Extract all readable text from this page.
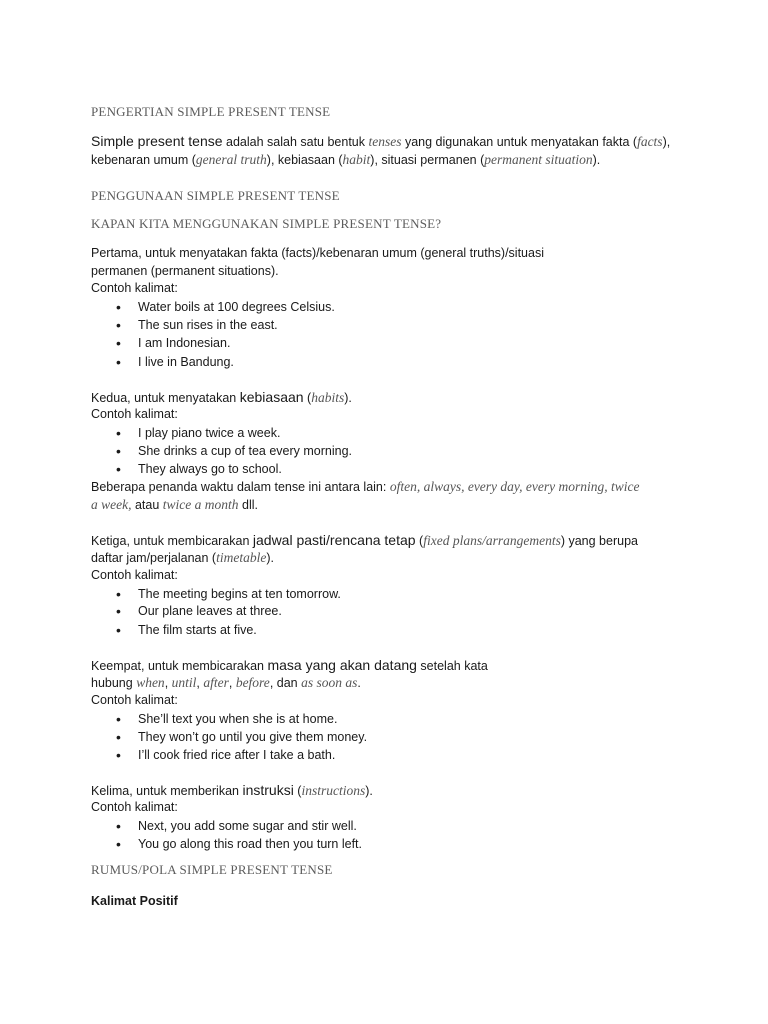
PENGERTIAN SIMPLE PRESENT TENSE
Simple present tense adalah salah satu bentuk tenses yang digunakan untuk menyatakan fakta (facts),
kebenaran umum (general truth), kebiasaan (habit), situasi permanen (permanent situation).
PENGGUNAAN SIMPLE PRESENT TENSE
KAPAN KITA MENGGUNAKAN SIMPLE PRESENT TENSE?
Pertama, untuk menyatakan fakta (facts)/kebenaran umum (general truths)/situasi
permanen (permanent situations).
Contoh kalimat:
• Water boils at 100 degrees Celsius.
• The sun rises in the east.
• I am Indonesian.
• I live in Bandung.
Kedua, untuk menyatakan kebiasaan (habits).
Contoh kalimat:
• I play piano twice a week.
• She drinks a cup of tea every morning.
• They always go to school.
Beberapa penanda waktu dalam tense ini antara lain: often, always, every day, every morning, twice
a week, atau twice a month dll.
Ketiga, untuk membicarakan jadwal pasti/rencana tetap (fixed plans/arrangements) yang berupa
daftar jam/perjalanan (timetable).
Contoh kalimat:
• The meeting begins at ten tomorrow.
• Our plane leaves at three.
• The film starts at five.
Keempat, untuk membicarakan masa yang akan datang setelah kata
hubung when, until, after, before, dan as soon as.
Contoh kalimat:
• She’ll text you when she is at home.
• They won’t go until you give them money.
• I’ll cook fried rice after I take a bath.
Kelima, untuk memberikan instruksi (instructions).
Contoh kalimat:
• Next, you add some sugar and stir well.
• You go along this road then you turn left.
RUMUS/POLA SIMPLE PRESENT TENSE
Kalimat Positif
